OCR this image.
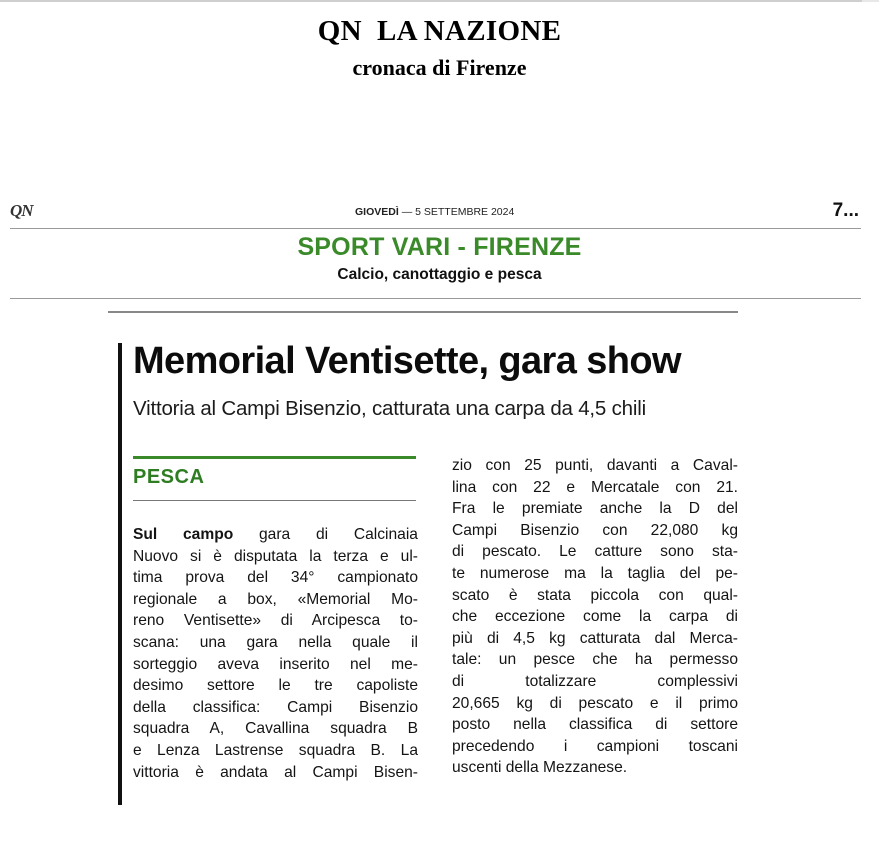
QN  LA NAZIONE
cronaca di Firenze
QN	GIOVEDÌ — 5 SETTEMBRE 2024	7...
SPORT VARI - FIRENZE
Calcio, canottaggio e pesca
Memorial Ventisette, gara show
Vittoria al Campi Bisenzio, catturata una carpa da 4,5 chili
PESCA
Sul campo gara di Calcinaia
Nuovo si è disputata la terza e ul-
tima prova del 34° campionato
regionale a box, «Memorial Mo-
reno Ventisette» di Arcipesca to-
scana: una gara nella quale il
sorteggio aveva inserito nel me-
desimo settore le tre capoliste
della classifica: Campi Bisenzio
squadra A, Cavallina squadra B
e Lenza Lastrense squadra B. La
vittoria è andata al Campi Bisen-
zio con 25 punti, davanti a Caval-
lina con 22 e Mercatale con 21.
Fra le premiate anche la D del
Campi Bisenzio con 22,080 kg
di pescato. Le catture sono sta-
te numerose ma la taglia del pe-
scato è stata piccola con qual-
che eccezione come la carpa di
più di 4,5 kg catturata dal Merca-
tale: un pesce che ha permesso
di totalizzare complessivi
20,665 kg di pescato e il primo
posto nella classifica di settore
precedendo i campioni toscani
uscenti della Mezzanese.
